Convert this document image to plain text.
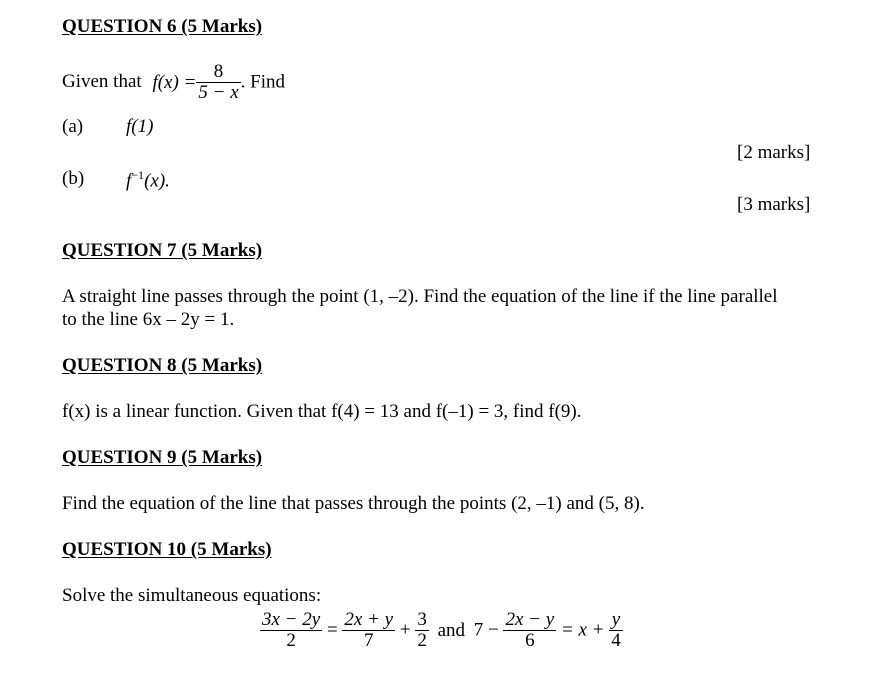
QUESTION 6 (5 Marks)
Given that $f(x) = \frac{8}{5 - x}$ . Find
(a) f(1)
[2 marks]
(b) $f^{-1}(x)$.
[3 marks]
QUESTION 7 (5 Marks)
A straight line passes through the point (1, –2). Find the equation of the line if the line parallel
to the line 6x – 2y = 1.
QUESTION 8 (5 Marks)
f(x) is a linear function. Given that f(4) = 13 and f(–1) = 3, find f(9).
QUESTION 9 (5 Marks)
Find the equation of the line that passes through the points (2, –1) and (5, 8).
QUESTION 10 (5 Marks)
Solve the simultaneous equations:
$\frac{3x - 2y}{2} = \frac{2x + y}{7} + \frac{3}{2}$ and $7 - \frac{2x - y}{6} = x + \frac{y}{4}$
